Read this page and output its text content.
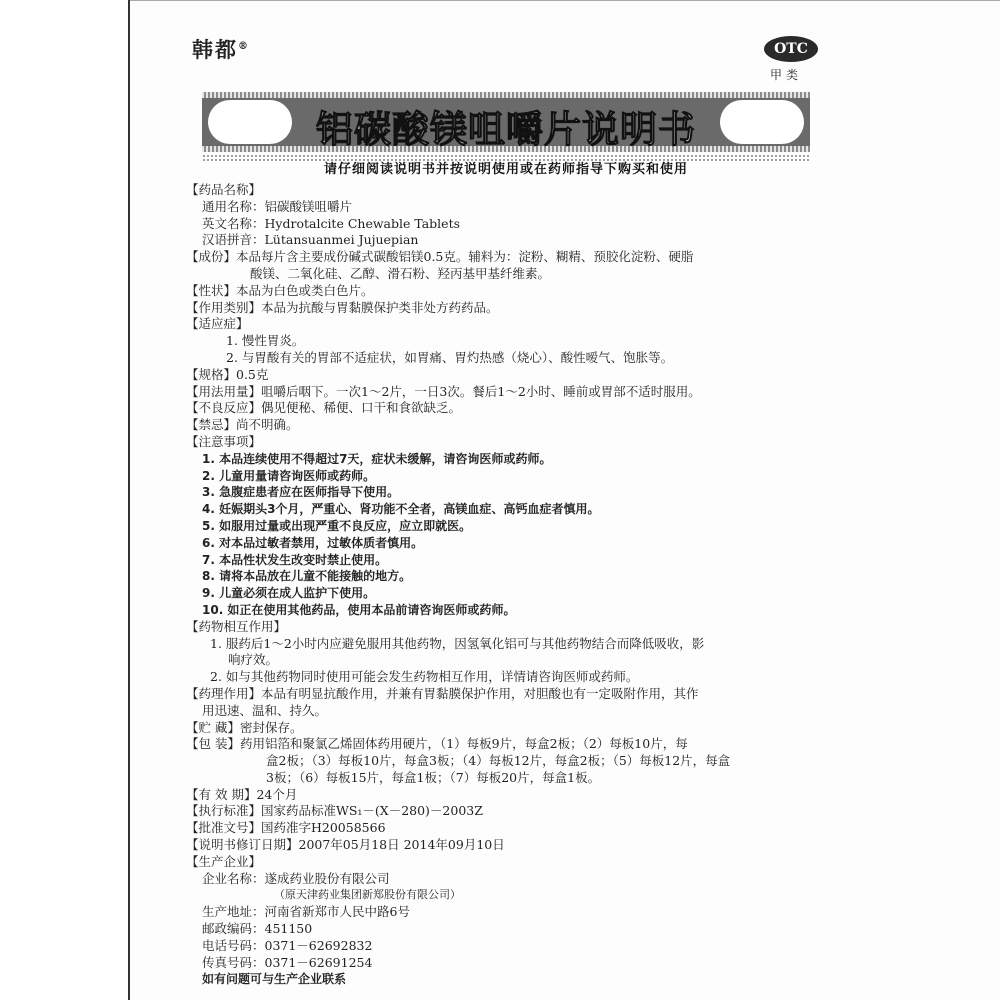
韩都®	OTC
甲类
铝碳酸镁咀嚼片说明书
请仔细阅读说明书并按说明使用或在药师指导下购买和使用
【药品名称】
通用名称：铝碳酸镁咀嚼片
英文名称：Hydrotalcite Chewable Tablets
汉语拼音：Lütansuanmei Jujuepian
【成份】本品每片含主要成份碱式碳酸铝镁0.5克。辅料为：淀粉、糊精、预胶化淀粉、硬脂
酸镁、二氧化硅、乙醇、滑石粉、羟丙基甲基纤维素。
【性状】本品为白色或类白色片。
【作用类别】本品为抗酸与胃黏膜保护类非处方药药品。
【适应症】
1. 慢性胃炎。
2. 与胃酸有关的胃部不适症状，如胃痛、胃灼热感（烧心）、酸性嗳气、饱胀等。
【规格】0.5克
【用法用量】咀嚼后咽下。一次1～2片，一日3次。餐后1～2小时、睡前或胃部不适时服用。
【不良反应】偶见便秘、稀便、口干和食欲缺乏。
【禁忌】尚不明确。
【注意事项】
1. 本品连续使用不得超过7天，症状未缓解，请咨询医师或药师。
2. 儿童用量请咨询医师或药师。
3. 急腹症患者应在医师指导下使用。
4. 妊娠期头3个月，严重心、肾功能不全者，高镁血症、高钙血症者慎用。
5. 如服用过量或出现严重不良反应，应立即就医。
6. 对本品过敏者禁用，过敏体质者慎用。
7. 本品性状发生改变时禁止使用。
8. 请将本品放在儿童不能接触的地方。
9. 儿童必须在成人监护下使用。
10. 如正在使用其他药品，使用本品前请咨询医师或药师。
【药物相互作用】
1. 服药后1～2小时内应避免服用其他药物，因氢氧化铝可与其他药物结合而降低吸收，影
响疗效。
2. 如与其他药物同时使用可能会发生药物相互作用，详情请咨询医师或药师。
【药理作用】本品有明显抗酸作用，并兼有胃黏膜保护作用，对胆酸也有一定吸附作用，其作
用迅速、温和、持久。
【贮 藏】密封保存。
【包 装】药用铝箔和聚氯乙烯固体药用硬片，（1）每板9片，每盒2板；（2）每板10片，每
盒2板；（3）每板10片，每盒3板；（4）每板12片，每盒2板；（5）每板12片，每盒
3板；（6）每板15片，每盒1板；（7）每板20片，每盒1板。
【有 效 期】24个月
【执行标准】国家药品标准WS₁－(X－280)－2003Z
【批准文号】国药准字H20058566
【说明书修订日期】2007年05月18日 2014年09月10日
【生产企业】
企业名称：遂成药业股份有限公司
（原天津药业集团新郑股份有限公司）
生产地址：河南省新郑市人民中路6号
邮政编码：451150
电话号码：0371－62692832
传真号码：0371－62691254
如有问题可与生产企业联系
